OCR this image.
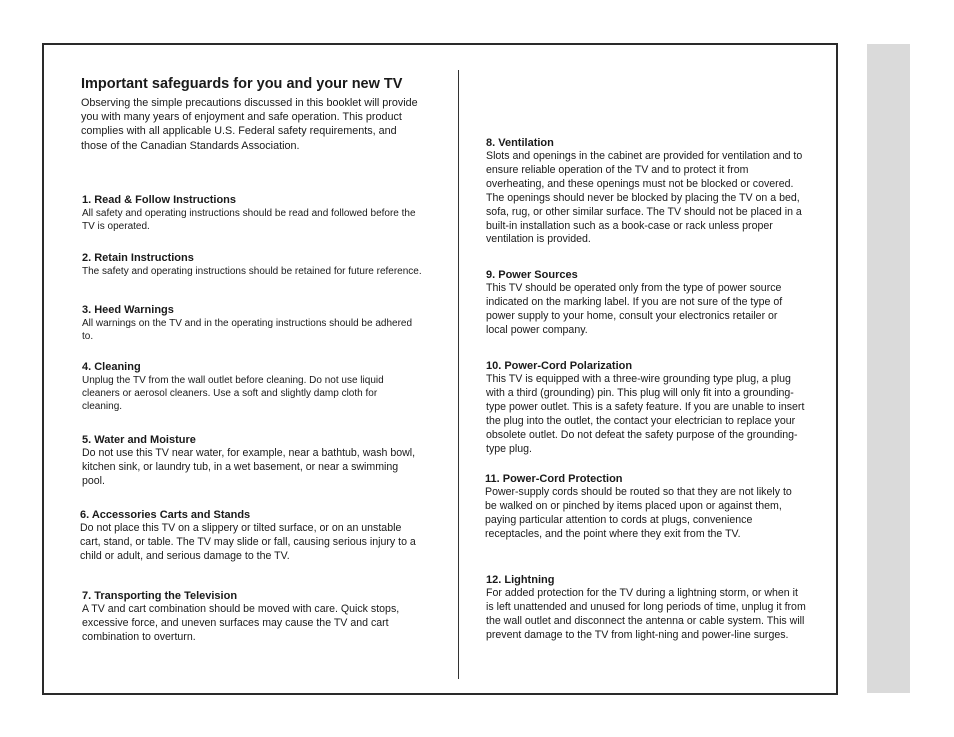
Important safeguards for you and your new TV
Observing the simple precautions discussed in this booklet will provide you with many years of enjoyment and safe operation. This product complies with all applicable U.S. Federal safety requirements, and those of the Canadian Standards Association.
1. Read & Follow Instructions

All safety and operating instructions should be read and followed before the TV is operated.

2. Retain Instructions

The safety and operating instructions should be retained for future reference.

3. Heed Warnings

All warnings on the TV and in the operating instructions should be adhered to.

4. Cleaning

Unplug the TV from the wall outlet before cleaning. Do not use liquid cleaners or aerosol cleaners. Use a soft and slightly damp cloth for cleaning.

5. Water and Moisture

Do not use this TV near water, for example, near a bathtub, wash bowl, kitchen sink, or laundry tub, in a wet basement, or near a swimming pool.

6. Accessories Carts and Stands

Do not place this TV on a slippery or tilted surface, or on an unstable cart, stand, or table. The TV may slide or fall, causing serious injury to a child or adult, and serious damage to the TV.

7. Transporting the Television

A TV and cart combination should be moved with care. Quick stops, excessive force, and uneven surfaces may cause the TV and cart combination to overturn.

8. Ventilation

Slots and openings in the cabinet are provided for ventilation and to ensure reliable operation of the TV and to protect it from overheating, and these openings must not be blocked or covered. The openings should never be blocked by placing the TV on a bed, sofa, rug, or other similar surface. The TV should not be placed in a built-in installation such as a book-case or rack unless proper ventilation is provided.

9. Power Sources

This TV should be operated only from the type of power source indicated on the marking label. If you are not sure of the type of power supply to your home, consult your electronics retailer or local power company.

10. Power-Cord Polarization

This TV is equipped with a three-wire grounding type plug, a plug with a third (grounding) pin. This plug will only fit into a grounding-type power outlet. This is a safety feature. If you are unable to insert the plug into the outlet, the contact your electrician to replace your obsolete outlet. Do not defeat the safety purpose of the grounding-type plug.

11. Power-Cord Protection

Power-supply cords should be routed so that they are not likely to be walked on or pinched by items placed upon or against them, paying particular attention to cords at plugs, convenience receptacles, and the point where they exit from the TV.

12. Lightning

For added protection for the TV during a lightning storm, or when it is left unattended and unused for long periods of time, unplug it from the wall outlet and disconnect the antenna or cable system. This will prevent damage to the TV from light-ning and power-line surges.
